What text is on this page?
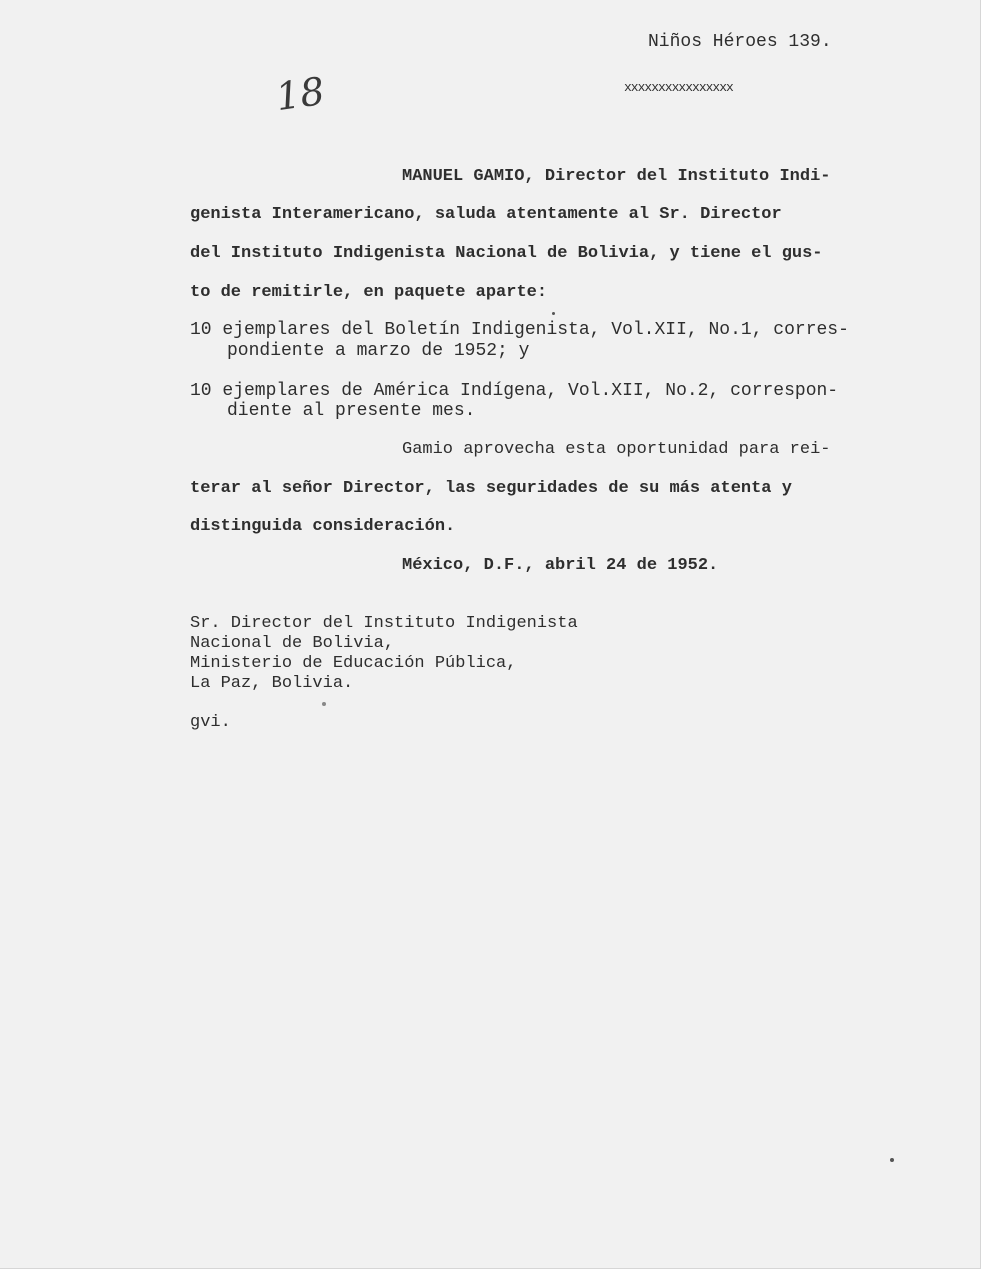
Niños Héroes 139.
xxxxxxxxxxxxxxxx
18
MANUEL GAMIO, Director del Instituto Indi-
genista Interamericano, saluda atentamente al Sr. Director
del Instituto Indigenista Nacional de Bolivia, y tiene el gus-
to de remitirle, en paquete aparte:
10 ejemplares del Boletín Indigenista, Vol.XII, No.1, corres-
pondiente a marzo de 1952; y
10 ejemplares de América Indígena, Vol.XII, No.2, correspon-
diente al presente mes.
Gamio aprovecha esta oportunidad para rei-
terar al señor Director, las seguridades de su más atenta y
distinguida consideración.
México, D.F., abril 24 de 1952.
Sr. Director del Instituto Indigenista
Nacional de Bolivia,
Ministerio de Educación Pública,
La Paz, Bolivia.
gvi.
